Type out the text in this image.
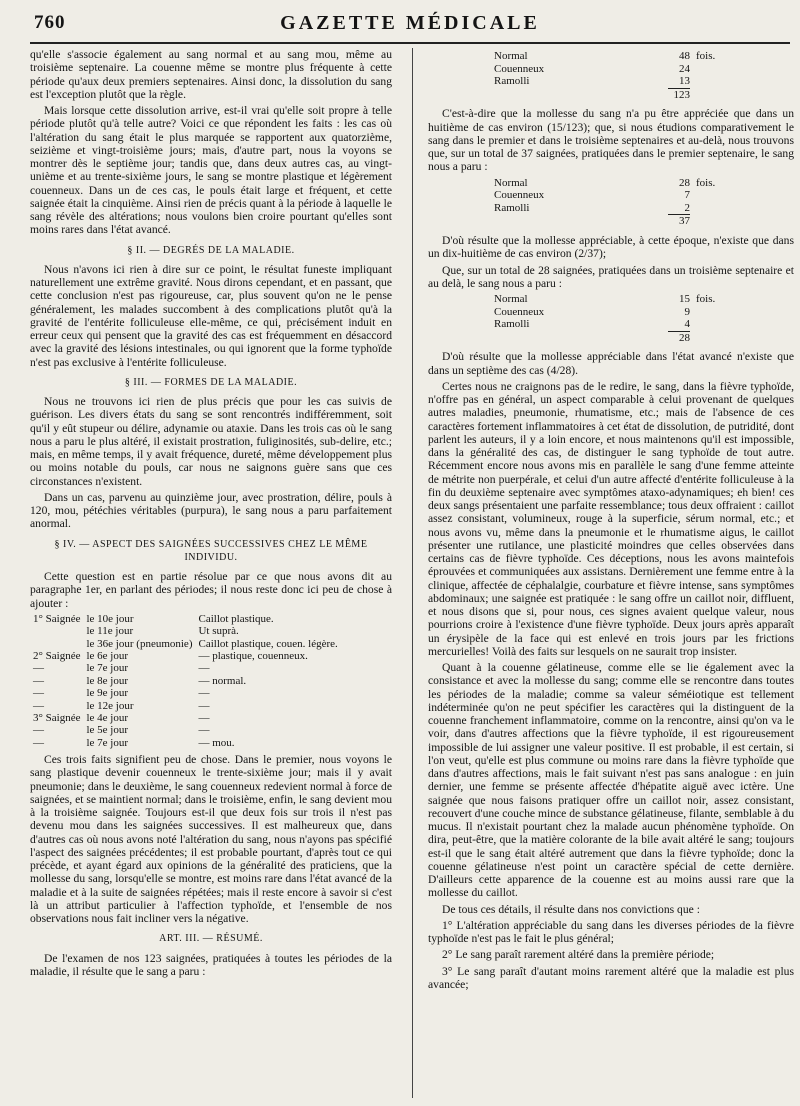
760	GAZETTE MÉDICALE

qu'elle s'associe également au sang normal et au sang mou, même au troisième septenaire. La couenne même se montre plus fréquente à cette période qu'aux deux premiers septenaires. Ainsi donc, la dissolution du sang est l'exception plutôt que la règle.

Mais lorsque cette dissolution arrive, est-il vrai qu'elle soit propre à telle période plutôt qu'à telle autre? Voici ce que répondent les faits : les cas où l'altération du sang était le plus marquée se rapportent aux quatorzième, seizième et vingt-troisième jours; mais, d'autre part, nous la voyons se montrer dès le septième jour; tandis que, dans deux autres cas, au vingt-unième et au trente-sixième jours, le sang se montre plastique et légèrement couenneux. Dans un de ces cas, le pouls était large et fréquent, et cette saignée était la cinquième. Ainsi rien de précis quant à la période à laquelle le sang révèle des altérations; nous voulons bien croire pourtant qu'elles sont moins rares dans l'état avancé.

§ II. — DEGRÉS DE LA MALADIE.

Nous n'avons ici rien à dire sur ce point, le résultat funeste impliquant naturellement une extrême gravité. Nous dirons cependant, et en passant, que cette conclusion n'est pas rigoureuse, car, plus souvent qu'on ne le pense généralement, les malades succombent à des complications plutôt qu'à la gravité de l'entérite folliculeuse elle-même, ce qui, précisément induit en erreur ceux qui pensent que la gravité des cas est fréquemment en désaccord avec la gravité des lésions intestinales, ou qui ignorent que la forme typhoïde n'est pas exclusive à l'entérite folliculeuse.

§ III. — FORMES DE LA MALADIE.

Nous ne trouvons ici rien de plus précis que pour les cas suivis de guérison. Les divers états du sang se sont rencontrés indifféremment, soit qu'il y eût stupeur ou délire, adynamie ou ataxie. Dans les trois cas où le sang nous a paru le plus altéré, il existait prostration, fuliginosités, sub-delire, etc.; mais, en même temps, il y avait fréquence, dureté, même développement plus ou moins notable du pouls, car nous ne saignons guère sans que ces circonstances n'existent.

Dans un cas, parvenu au quinzième jour, avec prostration, délire, pouls à 120, mou, pétéchies véritables (purpura), le sang nous a paru parfaitement anormal.

§ IV. — ASPECT DES SAIGNÉES SUCCESSIVES CHEZ LE MÊME INDIVIDU.

Cette question est en partie résolue par ce que nous avons dit au paragraphe 1er, en parlant des périodes; il nous reste donc ici peu de chose à ajouter :

1° Saignée	le 10e jour	Caillot plastique.
	le 11e jour	Ut suprà.
	le 36e jour (pneumonie)	Caillot plastique, couen. légère.
2° Saignée	le 6e jour	— plastique, couenneux.
—	le 7e jour	—
—	le 8e jour	— normal.
—	le 9e jour	—
—	le 12e jour	—
3° Saignée	le 4e jour	—
—	le 5e jour	—
—	le 7e jour	— mou.

Ces trois faits signifient peu de chose. Dans le premier, nous voyons le sang plastique devenir couenneux le trente-sixième jour; mais il y avait pneumonie; dans le deuxième, le sang couenneux redevient normal à force de saignées, et se maintient normal; dans le troisième, enfin, le sang devient mou à la troisième saignée. Toujours est-il que deux fois sur trois il n'est pas devenu mou dans les saignées successives. Il est malheureux que, dans d'autres cas où nous avons noté l'altération du sang, nous n'ayons pas spécifié l'aspect des saignées précédentes; il est probable pourtant, d'après tout ce qui précède, et ayant égard aux opinions de la généralité des praticiens, que la mollesse du sang, lorsqu'elle se montre, est moins rare dans l'état avancé de la maladie et à la suite de saignées répétées; mais il reste encore à savoir si c'est là un attribut particulier à l'affection typhoïde, et l'ensemble de nos observations nous fait incliner vers la négative.

ART. III. — RÉSUMÉ.

De l'examen de nos 123 saignées, pratiquées à toutes les périodes de la maladie, il résulte que le sang a paru :

Normal	48 fois.
Couenneux	24
Ramolli	13
123

C'est-à-dire que la mollesse du sang n'a pu être appréciée que dans un huitième de cas environ (15/123); que, si nous étudions comparativement le sang dans le premier et dans le troisième septenaires et au-delà, nous trouvons que, sur un total de 37 saignées, pratiquées dans le premier septenaire, le sang nous a paru :

Normal	28 fois.
Couenneux	7
Ramolli	2
37

D'où résulte que la mollesse appréciable, à cette époque, n'existe que dans un dix-huitième de cas environ (2/37);

Que, sur un total de 28 saignées, pratiquées dans un troisième septenaire et au delà, le sang nous a paru :

Normal	15 fois.
Couenneux	9
Ramolli	4
28

D'où résulte que la mollesse appréciable dans l'état avancé n'existe que dans un septième des cas (4/28).

Certes nous ne craignons pas de le redire, le sang, dans la fièvre typhoïde, n'offre pas en général, un aspect comparable à celui provenant de quelques autres maladies, pneumonie, rhumatisme, etc.; mais de l'absence de ces caractères fortement inflammatoires à cet état de dissolution, de putridité, dont parlent les auteurs, il y a loin encore, et nous maintenons qu'il est impossible, dans la généralité des cas, de distinguer le sang typhoïde de tout autre. Récemment encore nous avons mis en parallèle le sang d'une femme atteinte de métrite non puerpérale, et celui d'un autre affecté d'entérite folliculeuse à la fin du deuxième septenaire avec symptômes ataxo-adynamiques; eh bien! ces deux sangs présentaient une parfaite ressemblance; tous deux offraient : caillot assez consistant, volumineux, rouge à la superficie, sérum normal, etc.; et nous avons vu, même dans la pneumonie et le rhumatisme aigus, le caillot présenter une rutilance, une plasticité moindres que celles observées dans certains cas de fièvre typhoïde. Ces déceptions, nous les avons maintefois éprouvées et communiquées aux assistans. Dernièrement une femme entre à la clinique, affectée de céphalalgie, courbature et fièvre intense, sans symptômes abdominaux; une saignée est pratiquée : le sang offre un caillot noir, diffluent, et nous disons que si, pour nous, ces signes avaient quelque valeur, nous pourrions croire à l'existence d'une fièvre typhoïde. Deux jours après apparaît un érysipèle de la face qui est enlevé en trois jours par les frictions mercurielles! Voilà des faits sur lesquels on ne saurait trop insister.

Quant à la couenne gélatineuse, comme elle se lie également avec la consistance et avec la mollesse du sang; comme elle se rencontre dans toutes les périodes de la maladie; comme sa valeur séméiotique est tellement indéterminée qu'on ne peut spécifier les caractères qui la distinguent de la couenne franchement inflammatoire, comme on la rencontre, ainsi qu'on va le voir, dans d'autres affections que la fièvre typhoïde, il est rigoureusement impossible de lui assigner une valeur positive. Il est probable, il est certain, si l'on veut, qu'elle est plus commune ou moins rare dans la fièvre typhoïde que dans d'autres affections, mais le fait suivant n'est pas sans analogue : en juin dernier, une femme se présente affectée d'hépatite aiguë avec ictère. Une saignée que nous faisons pratiquer offre un caillot noir, assez consistant, recouvert d'une couche mince de substance gélatineuse, filante, semblable à du mucus. Il n'existait pourtant chez la malade aucun phénomène typhoïde. On dira, peut-être, que la matière colorante de la bile avait altéré le sang; toujours est-il que le sang était altéré autrement que dans la fièvre typhoïde; donc la couenne gélatineuse n'est point un caractère spécial de cette dernière. D'ailleurs cette apparence de la couenne est au moins aussi rare que la mollesse du caillot.

De tous ces détails, il résulte dans nos convictions que :

1° L'altération appréciable du sang dans les diverses périodes de la fièvre typhoïde n'est pas le fait le plus général;

2° Le sang paraît rarement altéré dans la première période;

3° Le sang paraît d'autant moins rarement altéré que la maladie est plus avancée;
